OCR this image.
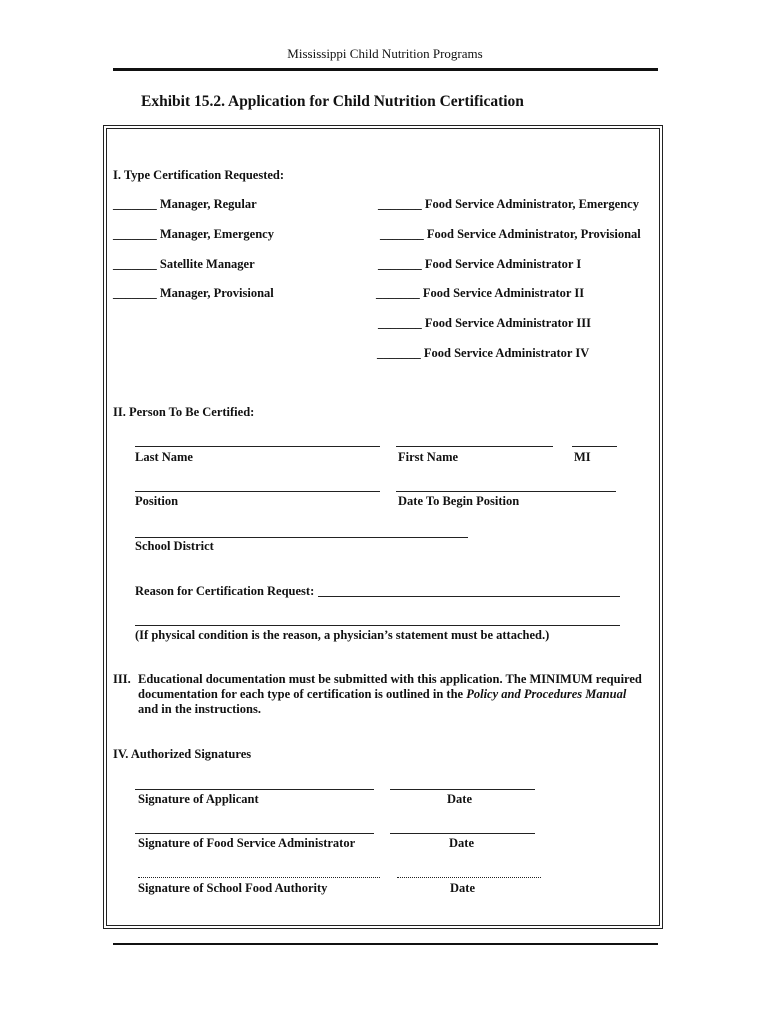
Mississippi Child Nutrition Programs
Exhibit 15.2. Application for Child Nutrition Certification
I. Type Certification Requested:
_______ Manager, Regular
_______ Manager, Emergency
_______ Satellite Manager
_______ Manager, Provisional
_______ Food Service Administrator, Emergency
_______ Food Service Administrator, Provisional
_______ Food Service Administrator I
_______ Food Service Administrator II
_______ Food Service Administrator III
_______ Food Service Administrator IV
II. Person To Be Certified:
Last Name	First Name	MI
Position	Date To Begin Position
School District
Reason for Certification Request:
(If physical condition is the reason, a physician’s statement must be attached.)
III. Educational documentation must be submitted with this application. The MINIMUM required documentation for each type of certification is outlined in the Policy and Procedures Manual and in the instructions.
IV. Authorized Signatures
Signature of Applicant	Date
Signature of Food Service Administrator	Date
Signature of School Food Authority	Date
